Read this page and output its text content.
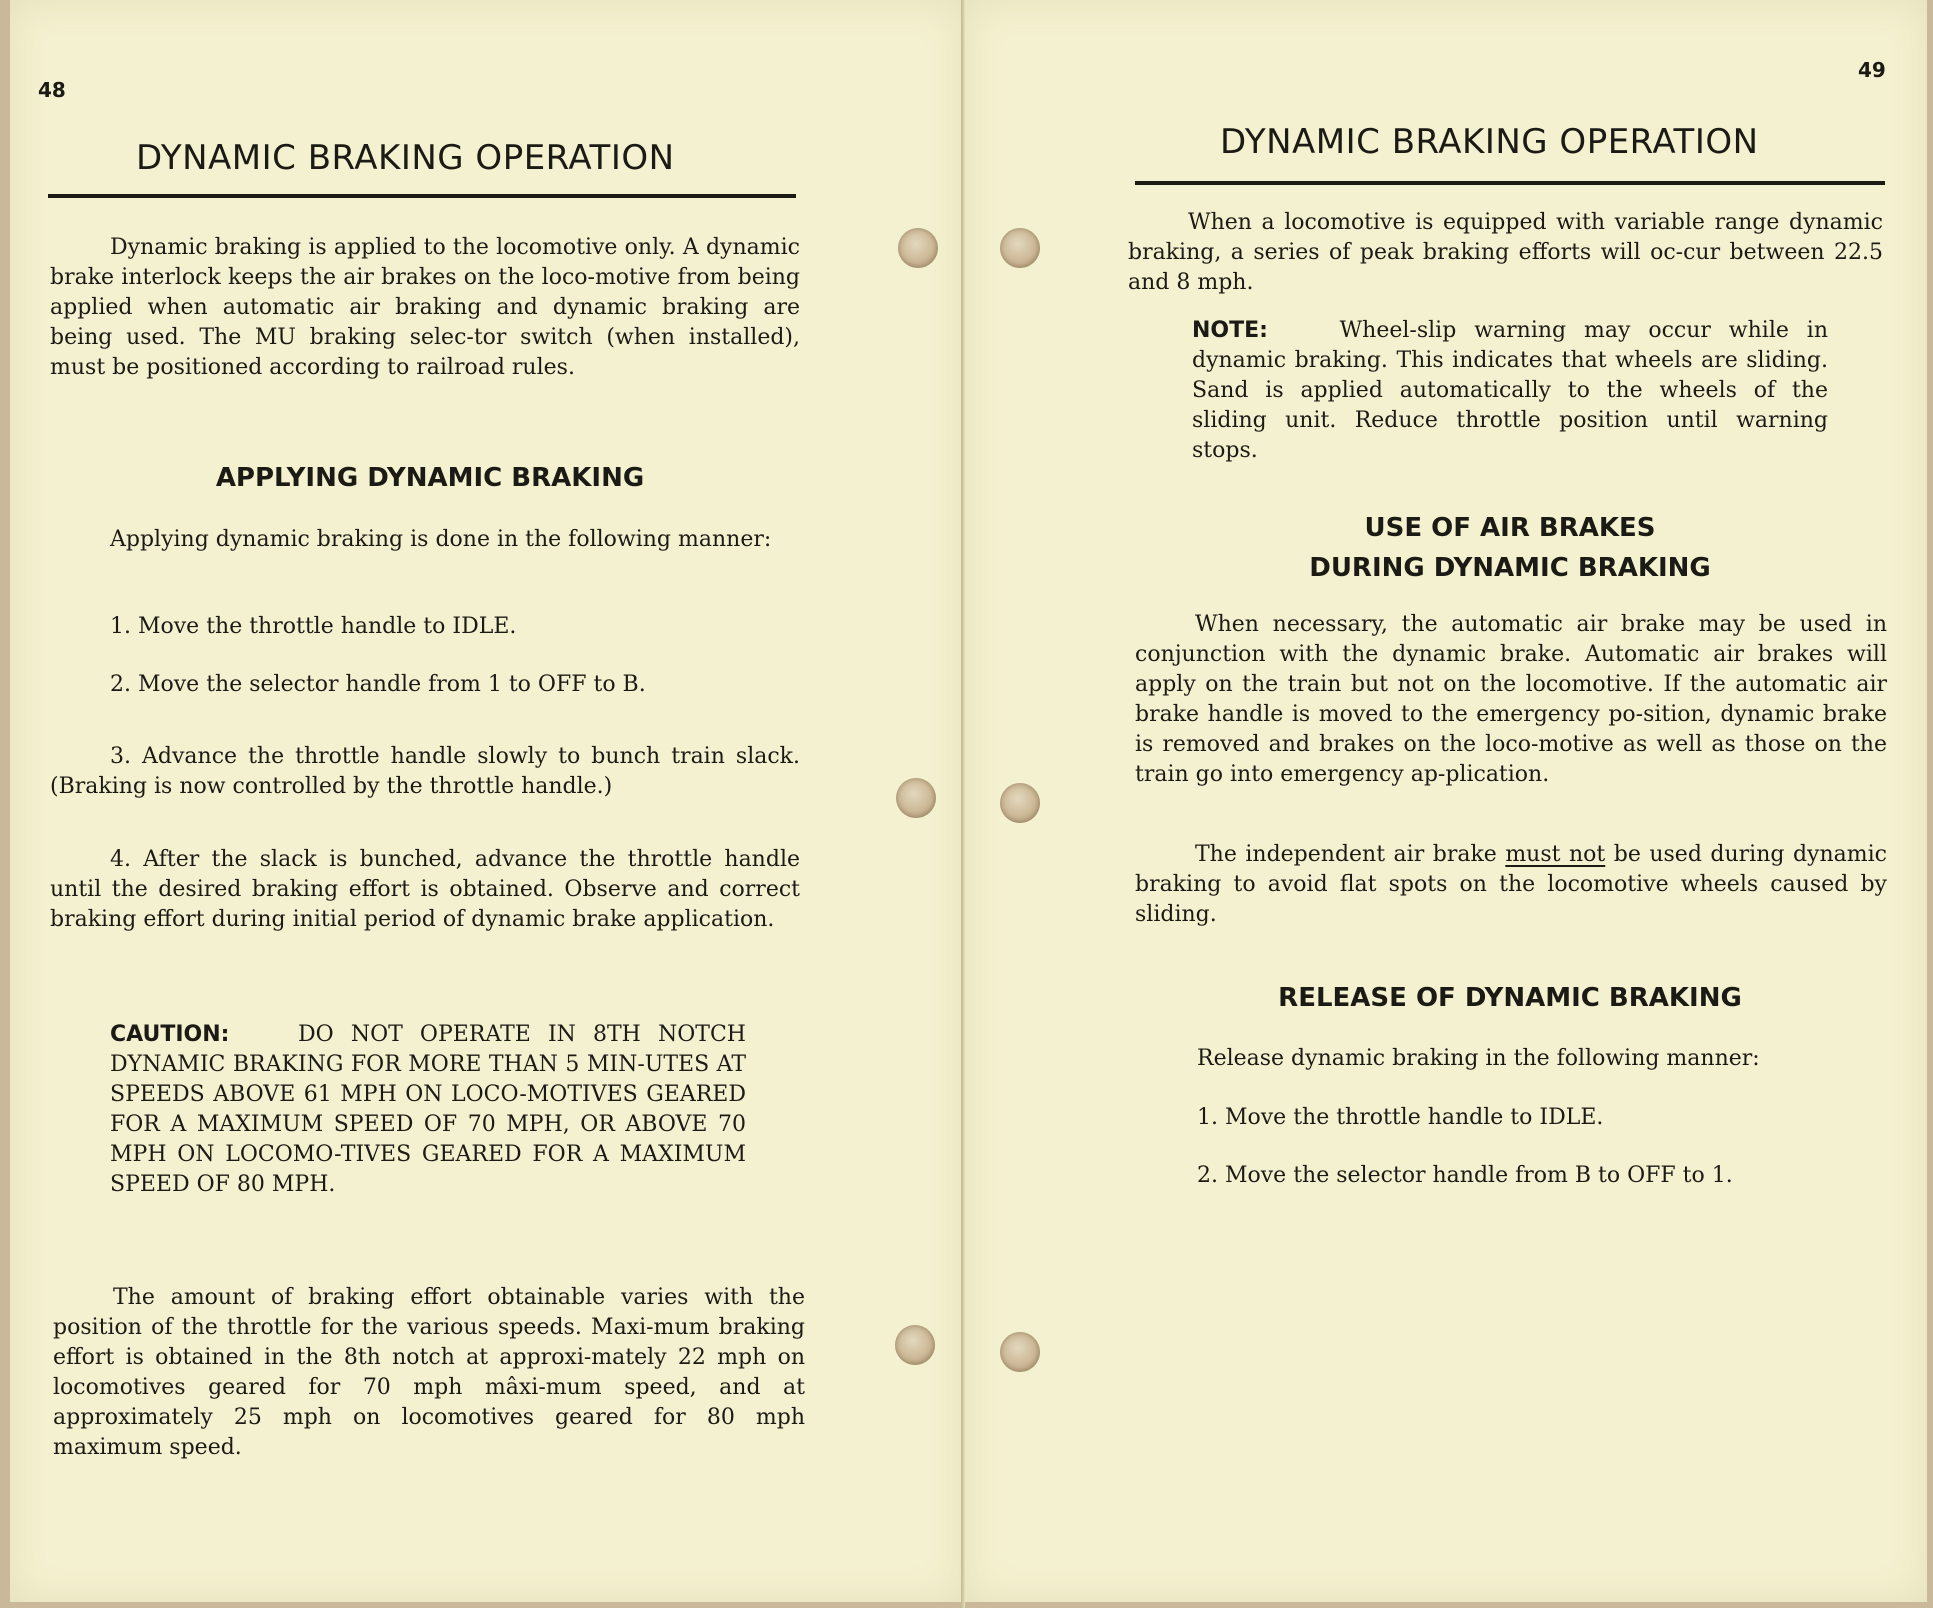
48
DYNAMIC BRAKING OPERATION
Dynamic braking is applied to the locomotive only. A dynamic brake interlock keeps the air brakes on the loco-motive from being applied when automatic air braking and dynamic braking are being used. The MU braking selec-tor switch (when installed), must be positioned according to railroad rules.
APPLYING DYNAMIC BRAKING
Applying dynamic braking is done in the following manner:
1. Move the throttle handle to IDLE.
2. Move the selector handle from 1 to OFF to B.
3. Advance the throttle handle slowly to bunch train slack. (Braking is now controlled by the throttle handle.)
4. After the slack is bunched, advance the throttle handle until the desired braking effort is obtained. Observe and correct braking effort during initial period of dynamic brake application.
CAUTION:	DO NOT OPERATE IN 8TH NOTCH DYNAMIC BRAKING FOR MORE THAN 5 MIN-UTES AT SPEEDS ABOVE 61 MPH ON LOCO-MOTIVES GEARED FOR A MAXIMUM SPEED OF 70 MPH, OR ABOVE 70 MPH ON LOCOMO-TIVES GEARED FOR A MAXIMUM SPEED OF 80 MPH.
The amount of braking effort obtainable varies with the position of the throttle for the various speeds. Maxi-mum braking effort is obtained in the 8th notch at approxi-mately 22 mph on locomotives geared for 70 mph mâxi-mum speed, and at approximately 25 mph on locomotives geared for 80 mph maximum speed.
49
DYNAMIC BRAKING OPERATION
When a locomotive is equipped with variable range dynamic braking, a series of peak braking efforts will oc-cur between 22.5 and 8 mph.
NOTE:	Wheel-slip warning may occur while in dynamic braking. This indicates that wheels are sliding. Sand is applied automatically to the wheels of the sliding unit. Reduce throttle position until warning stops.
USE OF AIR BRAKES
DURING DYNAMIC BRAKING
When necessary, the automatic air brake may be used in conjunction with the dynamic brake. Automatic air brakes will apply on the train but not on the locomotive. If the automatic air brake handle is moved to the emergency po-sition, dynamic brake is removed and brakes on the loco-motive as well as those on the train go into emergency ap-plication.
The independent air brake must not be used during dynamic braking to avoid flat spots on the locomotive wheels caused by sliding.
RELEASE OF DYNAMIC BRAKING
Release dynamic braking in the following manner:
1. Move the throttle handle to IDLE.
2. Move the selector handle from B to OFF to 1.
